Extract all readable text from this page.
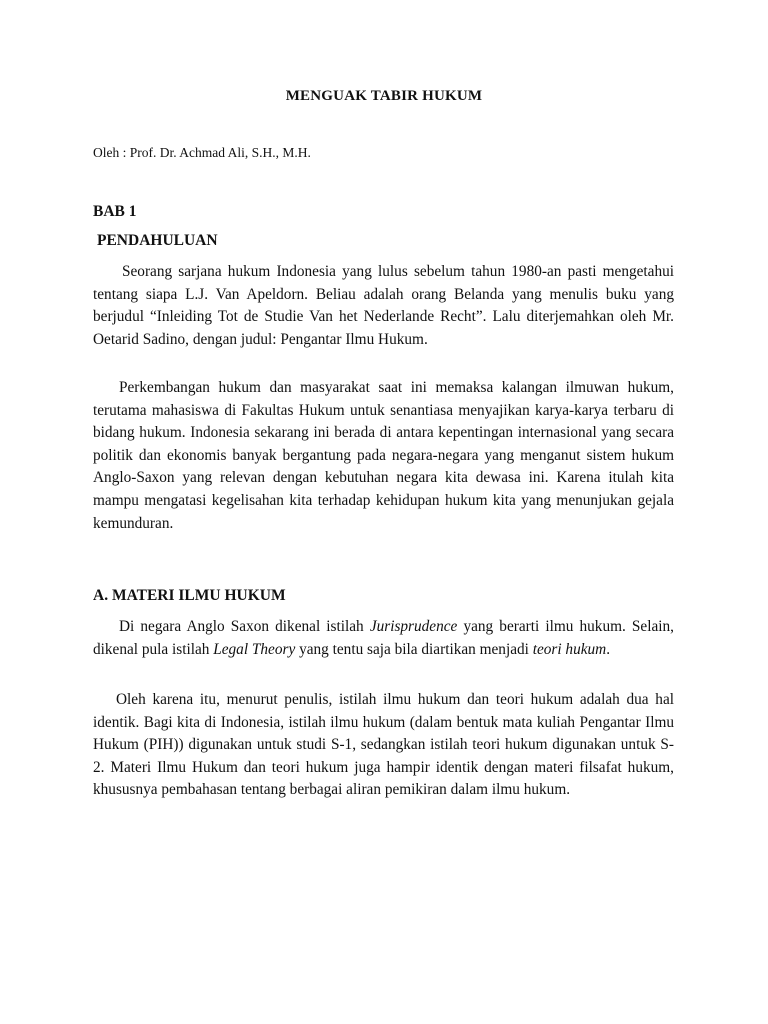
MENGUAK TABIR HUKUM
Oleh : Prof. Dr. Achmad Ali, S.H., M.H.
BAB 1
PENDAHULUAN

Seorang sarjana hukum Indonesia yang lulus sebelum tahun 1980-an pasti mengetahui tentang siapa L.J. Van Apeldorn. Beliau adalah orang Belanda yang menulis buku yang berjudul “Inleiding Tot de Studie Van het Nederlande Recht”. Lalu diterjemahkan oleh Mr. Oetarid Sadino, dengan judul: Pengantar Ilmu Hukum.

Perkembangan hukum dan masyarakat saat ini memaksa kalangan ilmuwan hukum, terutama mahasiswa di Fakultas Hukum untuk senantiasa menyajikan karya-karya terbaru di bidang hukum. Indonesia sekarang ini berada di antara kepentingan internasional yang secara politik dan ekonomis banyak bergantung pada negara-negara yang menganut sistem hukum Anglo-Saxon yang relevan dengan kebutuhan negara kita dewasa ini. Karena itulah kita mampu mengatasi kegelisahan kita terhadap kehidupan hukum kita yang menunjukan gejala kemunduran.

A. MATERI ILMU HUKUM

Di negara Anglo Saxon dikenal istilah Jurisprudence yang berarti ilmu hukum. Selain, dikenal pula istilah Legal Theory yang tentu saja bila diartikan menjadi teori hukum.

Oleh karena itu, menurut penulis, istilah ilmu hukum dan teori hukum adalah dua hal identik. Bagi kita di Indonesia, istilah ilmu hukum (dalam bentuk mata kuliah Pengantar Ilmu Hukum (PIH)) digunakan untuk studi S-1, sedangkan istilah teori hukum digunakan untuk S-2. Materi Ilmu Hukum dan teori hukum juga hampir identik dengan materi filsafat hukum, khususnya pembahasan tentang berbagai aliran pemikiran dalam ilmu hukum.
